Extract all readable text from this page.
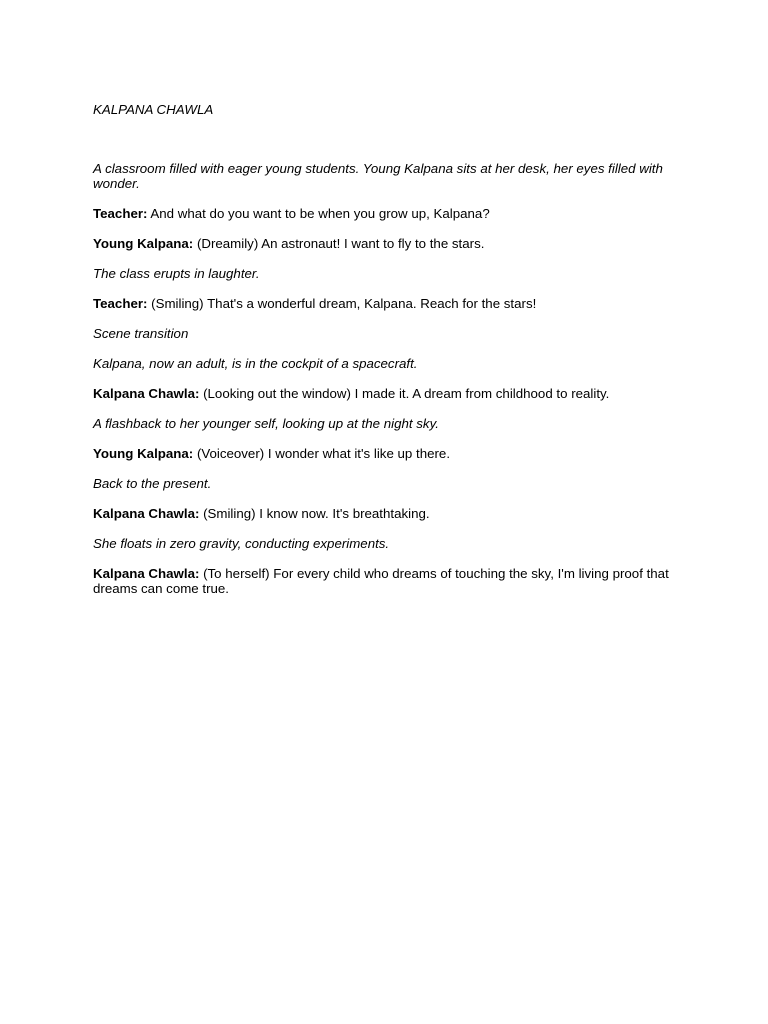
KALPANA CHAWLA

A classroom filled with eager young students. Young Kalpana sits at her desk, her eyes filled with wonder.

Teacher: And what do you want to be when you grow up, Kalpana?

Young Kalpana: (Dreamily) An astronaut! I want to fly to the stars.

The class erupts in laughter.

Teacher: (Smiling) That's a wonderful dream, Kalpana. Reach for the stars!

Scene transition

Kalpana, now an adult, is in the cockpit of a spacecraft.

Kalpana Chawla: (Looking out the window) I made it. A dream from childhood to reality.

A flashback to her younger self, looking up at the night sky.

Young Kalpana: (Voiceover) I wonder what it's like up there.

Back to the present.

Kalpana Chawla: (Smiling) I know now. It's breathtaking.

She floats in zero gravity, conducting experiments.

Kalpana Chawla: (To herself) For every child who dreams of touching the sky, I'm living proof that dreams can come true.
